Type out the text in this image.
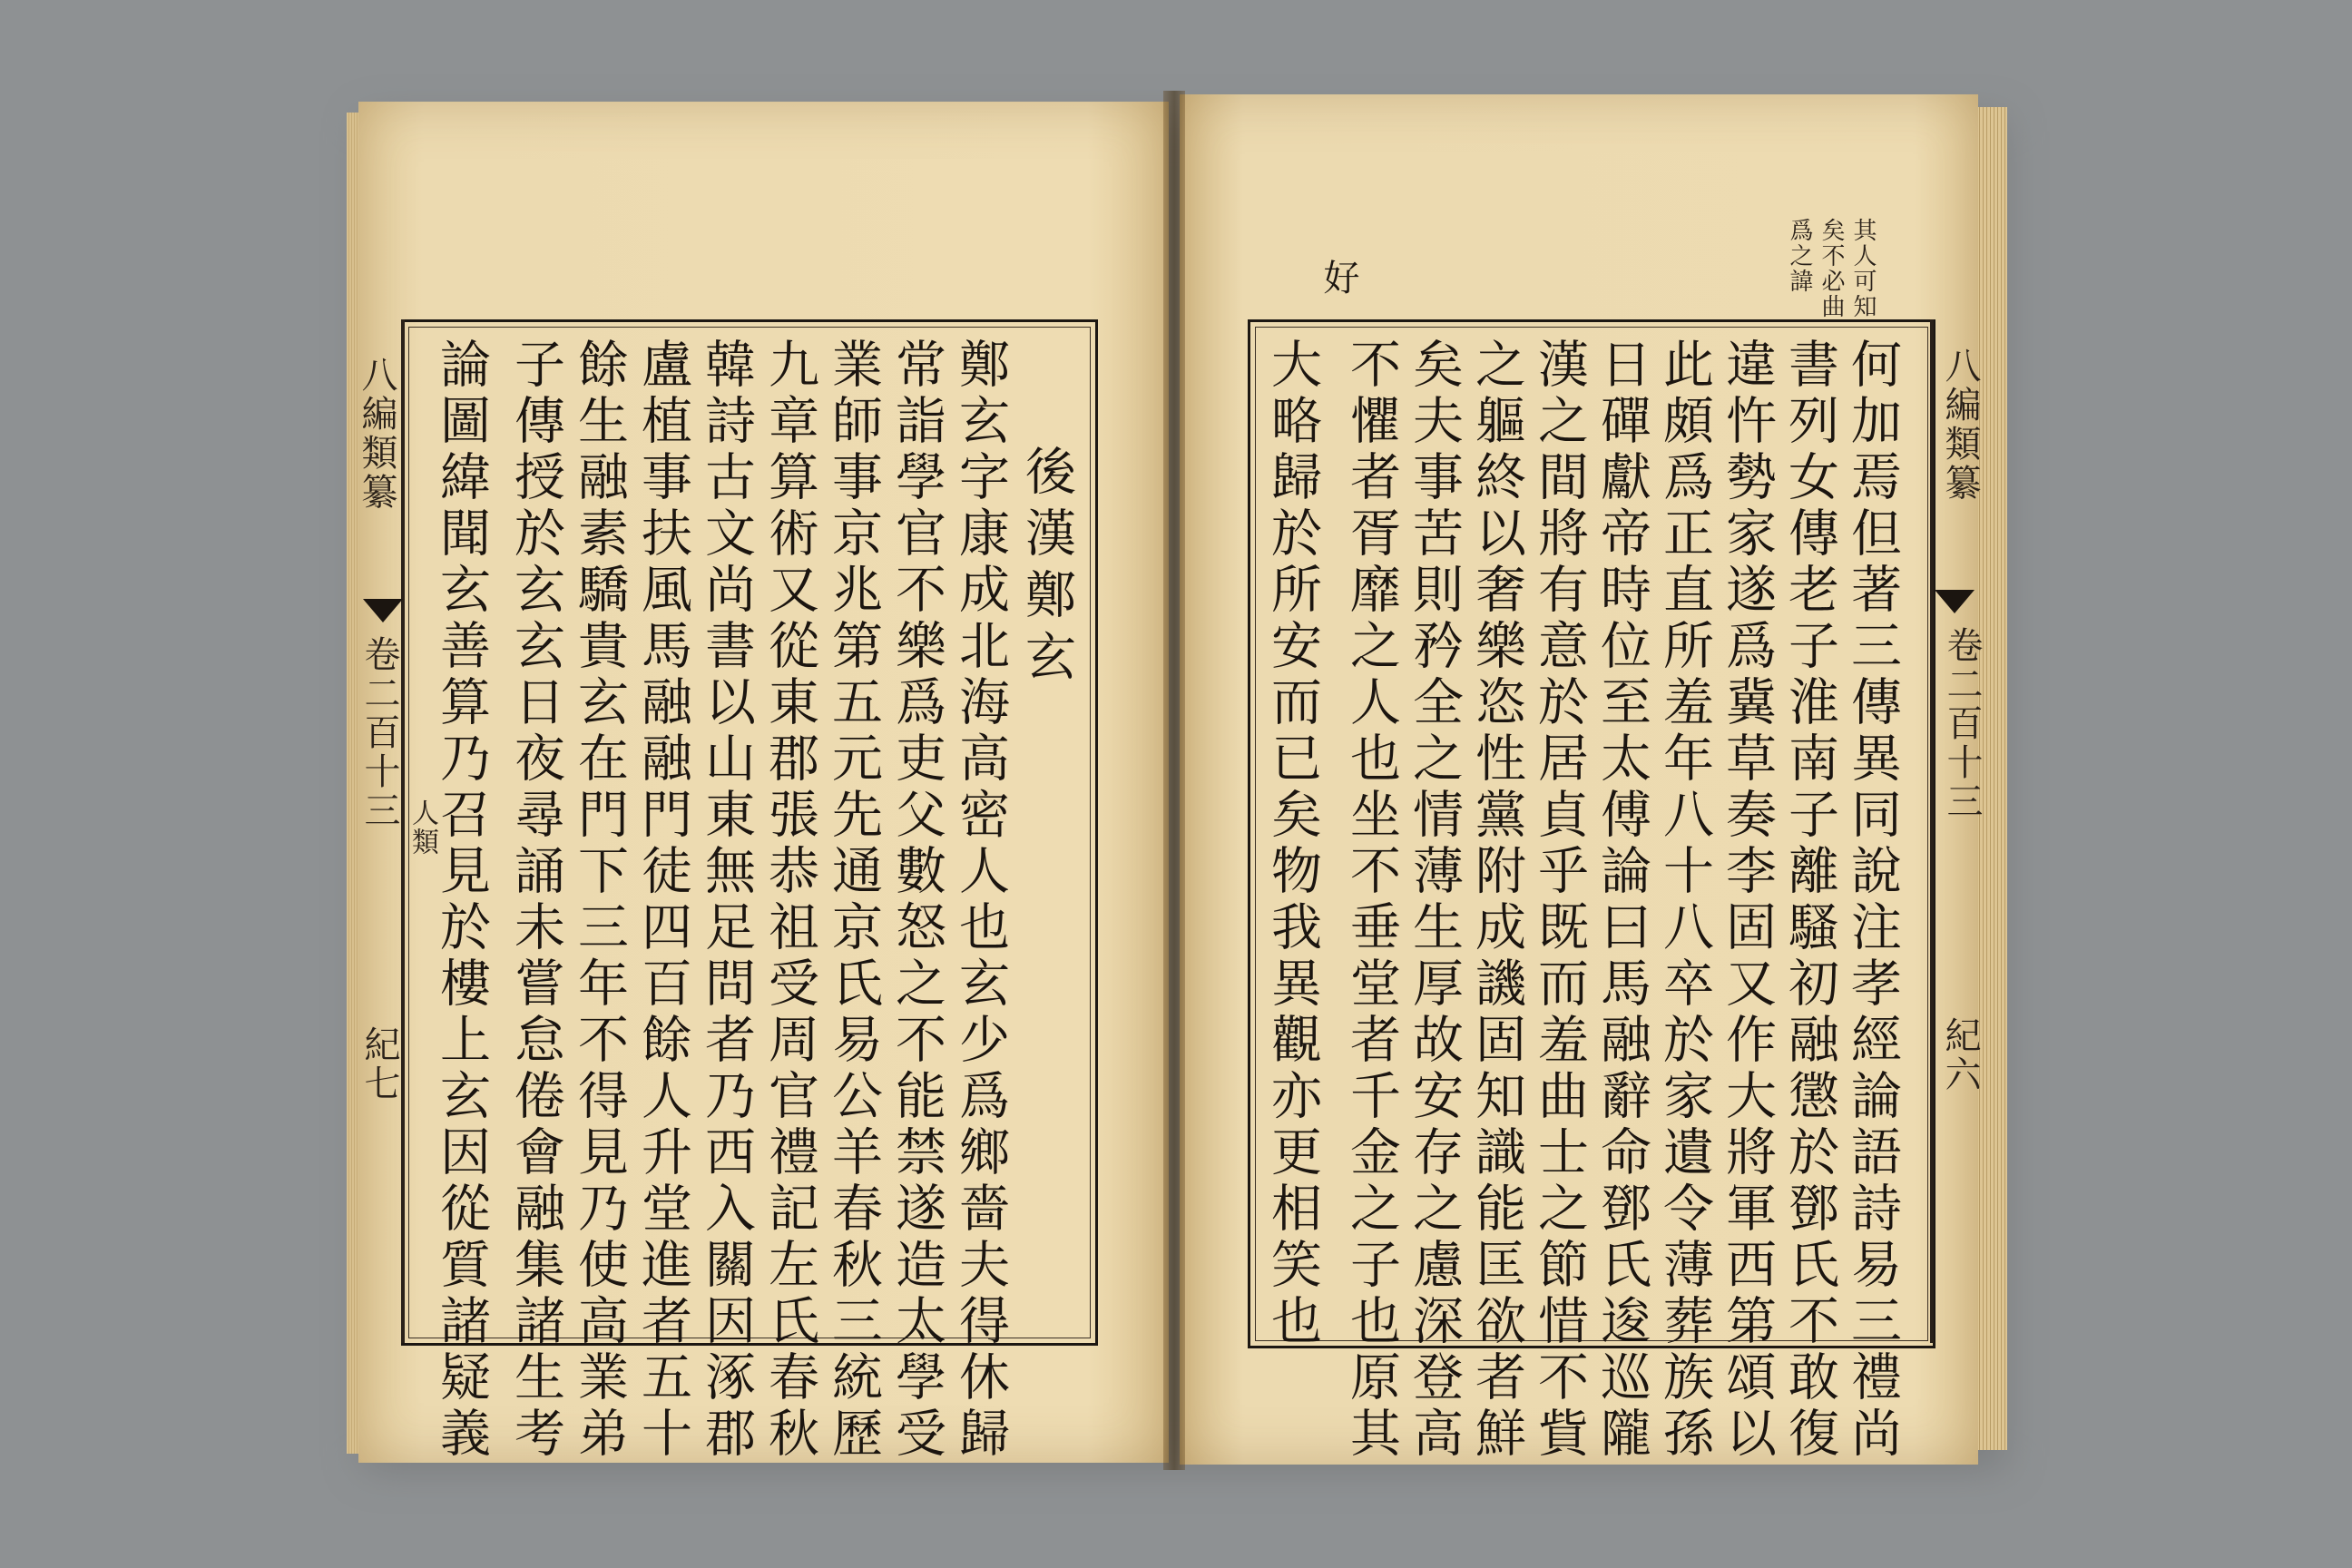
八編類纂
卷二百十三 人類
紀七
後漢鄭玄
鄭玄字康成北海高密人也玄少爲鄉嗇夫得休歸
常詣學官不樂爲吏父數怒之不能禁遂造太學受
業師事京兆第五元先通京氏易公羊春秋三統歷
九章算術又從東郡張恭祖受周官禮記左氏春秋
韓詩古文尚書以山東無足問者乃西入關因涿郡
盧植事扶風馬融融門徒四百餘人升堂進者五十
餘生融素驕貴玄在門下三年不得見乃使高業弟
子傳授於玄玄日夜尋誦未嘗怠倦會融集諸生考
論圖緯聞玄善算乃召見於樓上玄因從質諸疑義
好	其人可知
矣不必曲
爲之諱
八編類纂
卷二百十三
紀六
何加焉但著三傳異同說注孝經論語詩易三禮尚
書列女傳老子淮南子離騷初融懲於鄧氏不敢復
違忤勢家遂爲冀草奏李固又作大將軍西第頌以
此頗爲正直所羞年八十八卒於家遺令薄葬族孫
日磾獻帝時位至太傅論曰馬融辭命鄧氏逡巡隴
漢之間將有意於居貞乎既而羞曲士之節惜不貲
之軀終以奢樂恣性黨附成譏固知識能匡欲者鮮
矣夫事苦則矜全之情薄生厚故安存之慮深登高
不懼者胥靡之人也坐不垂堂者千金之子也原其
大略歸於所安而已矣物我異觀亦更相笑也
